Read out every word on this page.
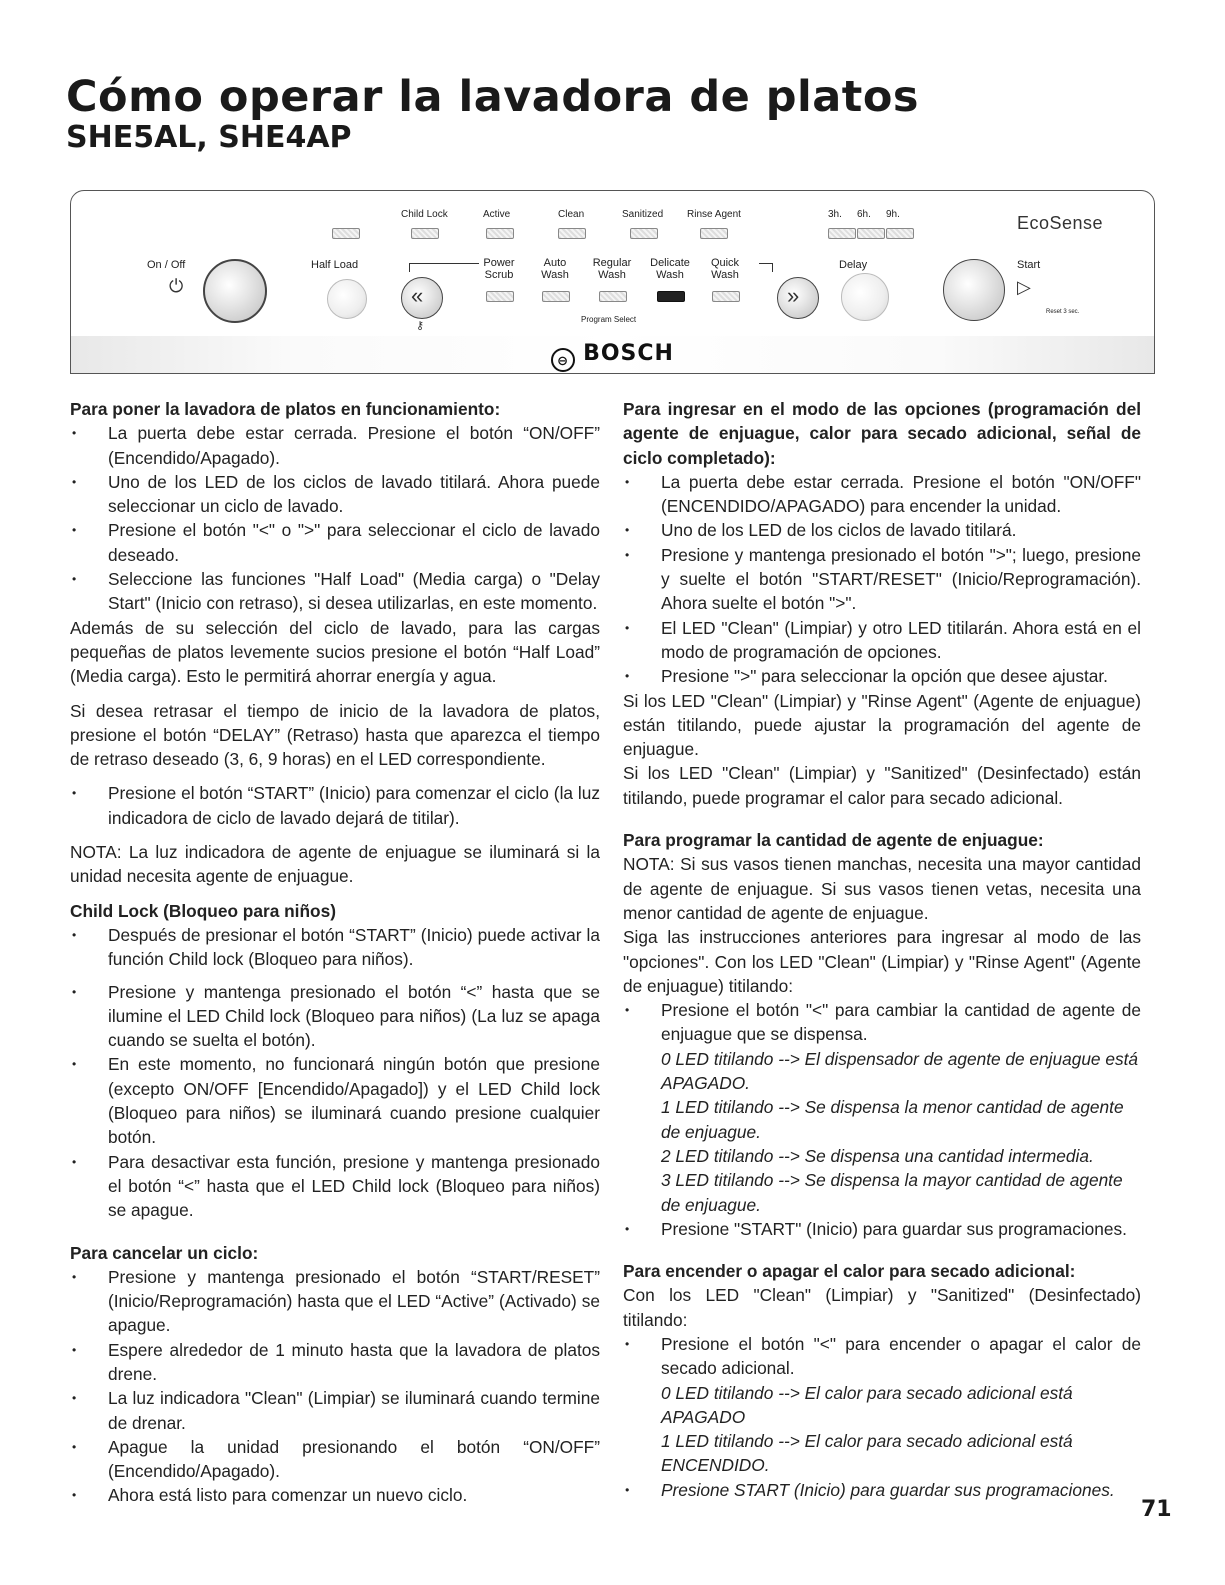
Cómo operar la lavadora de platos
SHE5AL, SHE4AP
Child Lock	Active	Clean	Sanitized Rinse Agent	3h. 6h. 9h.	EcoSense
On / Off
⏻
Half Load
«
⚷
Power
Scrub
Auto
Wash
Regular
Wash
Delicate
Wash
Quick
Wash
Program Select
»
Delay	Start
▷
Reset 3 sec.
⊖ BOSCH

Para poner la lavadora de platos en funcionamiento:

• La puerta debe estar cerrada. Presione el botón “ON/OFF” (Encendido/Apagado).
• Uno de los LED de los ciclos de lavado titilará. Ahora puede seleccionar un ciclo de lavado.
• Presione el botón "<" o ">" para seleccionar el ciclo de lavado deseado.
• Seleccione las funciones "Half Load" (Media carga) o "Delay Start" (Inicio con retraso), si desea utilizarlas, en este momento.

Además de su selección del ciclo de lavado, para las cargas pequeñas de platos levemente sucios presione el botón “Half Load” (Media carga). Esto le permitirá ahorrar energía y agua.

Si desea retrasar el tiempo de inicio de la lavadora de platos, presione el botón “DELAY” (Retraso) hasta que aparezca el tiempo de retraso deseado (3, 6, 9 horas) en el LED correspondiente.

• Presione el botón “START” (Inicio) para comenzar el ciclo (la luz indicadora de ciclo de lavado dejará de titilar).

NOTA: La luz indicadora de agente de enjuague se iluminará si la unidad necesita agente de enjuague.

Child Lock (Bloqueo para niños)

• Después de presionar el botón “START” (Inicio) puede activar la función Child lock (Bloqueo para niños).
• Presione y mantenga presionado el botón “<” hasta que se ilumine el LED Child lock (Bloqueo para niños) (La luz se apaga cuando se suelta el botón).
• En este momento, no funcionará ningún botón que presione (excepto ON/OFF [Encendido/Apagado]) y el LED Child lock (Bloqueo para niños) se iluminará cuando presione cualquier botón.
• Para desactivar esta función, presione y mantenga presionado el botón “<” hasta que el LED Child lock (Bloqueo para niños) se apague.

Para cancelar un ciclo:

• Presione y mantenga presionado el botón “START/RESET” (Inicio/Reprogramación) hasta que el LED “Active” (Activado) se apague.
• Espere alrededor de 1 minuto hasta que la lavadora de platos drene.
• La luz indicadora "Clean" (Limpiar) se iluminará cuando termine de drenar.
• Apague la unidad presionando el botón “ON/OFF” (Encendido/Apagado).
• Ahora está listo para comenzar un nuevo ciclo.

Para ingresar en el modo de las opciones (programación del agente de enjuague, calor para secado adicional, señal de ciclo completado):

• La puerta debe estar cerrada. Presione el botón "ON/OFF" (ENCENDIDO/APAGADO) para encender la unidad.
• Uno de los LED de los ciclos de lavado titilará.
• Presione y mantenga presionado el botón ">"; luego, presione y suelte el botón "START/RESET" (Inicio/Reprogramación). Ahora suelte el botón ">".
• El LED "Clean" (Limpiar) y otro LED titilarán. Ahora está en el modo de programación de opciones.
• Presione ">" para seleccionar la opción que desee ajustar.

Si los LED "Clean" (Limpiar) y "Rinse Agent" (Agente de enjuague) están titilando, puede ajustar la programación del agente de enjuague.

Si los LED "Clean" (Limpiar) y "Sanitized" (Desinfectado) están titilando, puede programar el calor para secado adicional.

Para programar la cantidad de agente de enjuague:

NOTA: Si sus vasos tienen manchas, necesita una mayor cantidad de agente de enjuague. Si sus vasos tienen vetas, necesita una menor cantidad de agente de enjuague.

Siga las instrucciones anteriores para ingresar al modo de las "opciones". Con los LED "Clean" (Limpiar) y "Rinse Agent" (Agente de enjuague) titilando:

• Presione el botón "<" para cambiar la cantidad de agente de enjuague que se dispensa.

0 LED titilando --> El dispensador de agente de enjuague está APAGADO.

1 LED titilando --> Se dispensa la menor cantidad de agente de enjuague.

2 LED titilando --> Se dispensa una cantidad intermedia.

3 LED titilando --> Se dispensa la mayor cantidad de agente de enjuague.

• Presione "START" (Inicio) para guardar sus programaciones.

Para encender o apagar el calor para secado adicional:

Con los LED "Clean" (Limpiar) y "Sanitized" (Desinfectado) titilando:

• Presione el botón "<" para encender o apagar el calor de secado adicional.

0 LED titilando --> El calor para secado adicional está APAGADO

1 LED titilando --> El calor para secado adicional está ENCENDIDO.

• Presione START (Inicio) para guardar sus programaciones.
71
